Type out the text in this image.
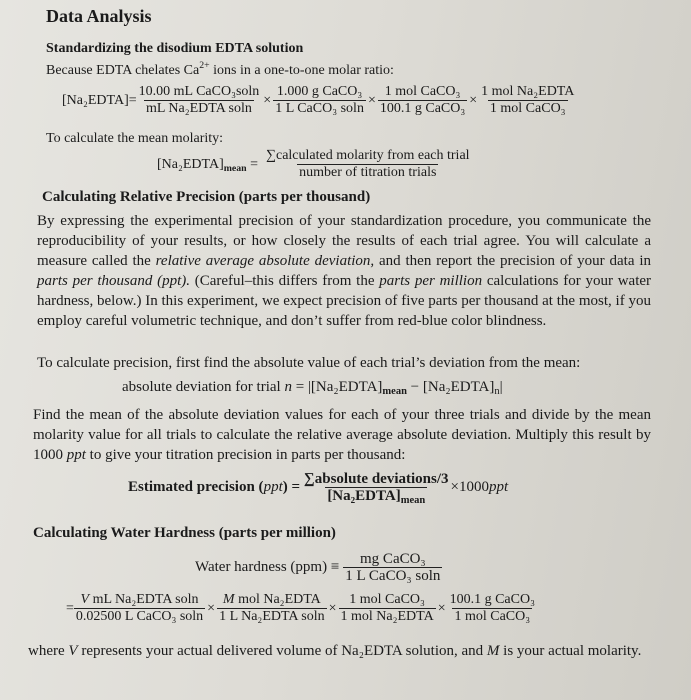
Data Analysis
Standardizing the disodium EDTA solution
Because EDTA chelates $Ca^{2+}$ ions in a one-to-one molar ratio:
[Na₂EDTA]= $\frac{\text{10.00 mL CaCO₃soln}}{\text{mL Na₂EDTA soln}} \times \frac{\text{1.000 g CaCO₃}}{\text{1 L CaCO₃ soln}} \times \frac{\text{1 mol CaCO₃}}{\text{100.1 g CaCO₃}} \times \frac{\text{1 mol Na₂EDTA}}{\text{1 mol CaCO₃}}$
To calculate the mean molarity:
$[Na_2EDTA]_{mean} = \frac{\text{∑calculated molarity from each trial}}{\text{number of titration trials}}$
Calculating Relative Precision (parts per thousand)
By expressing the experimental precision of your standardization procedure, you communicate the reproducibility of your results, or how closely the results of each trial agree. You will calculate a measure called the relative average absolute deviation, and then report the precision of your data in parts per thousand (ppt). (Careful–this differs from the parts per million calculations for your water hardness, below.) In this experiment, we expect precision of five parts per thousand at the most, if you employ careful volumetric technique, and don’t suffer from red-blue color blindness.
To calculate precision, first find the absolute value of each trial’s deviation from the mean:
absolute deviation for trial $n = |[Na_2EDTA]_{mean}$ − $[Na_2EDTA]_n|$
Find the mean of the absolute deviation values for each of your three trials and divide by the mean molarity value for all trials to calculate the relative average absolute deviation. Multiply this result by 1000 ppt to give your titration precision in parts per thousand:
Estimated precision $(ppt) = \frac{\text{∑absolute deviations/3}}{[Na_2EDTA]_{mean}} \times 1000$ ppt
Calculating Water Hardness (parts per million)
Water hardness $(ppm) \equiv \frac{\text{mg CaCO₃}}{\text{1 L CaCO₃ soln}}$
= $\frac{\text{V mL Na₂EDTA soln}}{\text{0.02500 L CaCO₃ soln}} \times \frac{\text{M mol Na₂EDTA}}{\text{1 L Na₂EDTA soln}} \times \frac{\text{1 mol CaCO₃}}{\text{1 mol Na₂EDTA}} \times \frac{\text{100.1 g CaCO₃}}{\text{1 mol CaCO₃}}$
where V represents your actual delivered volume of Na₂EDTA solution, and M is your actual molarity.
